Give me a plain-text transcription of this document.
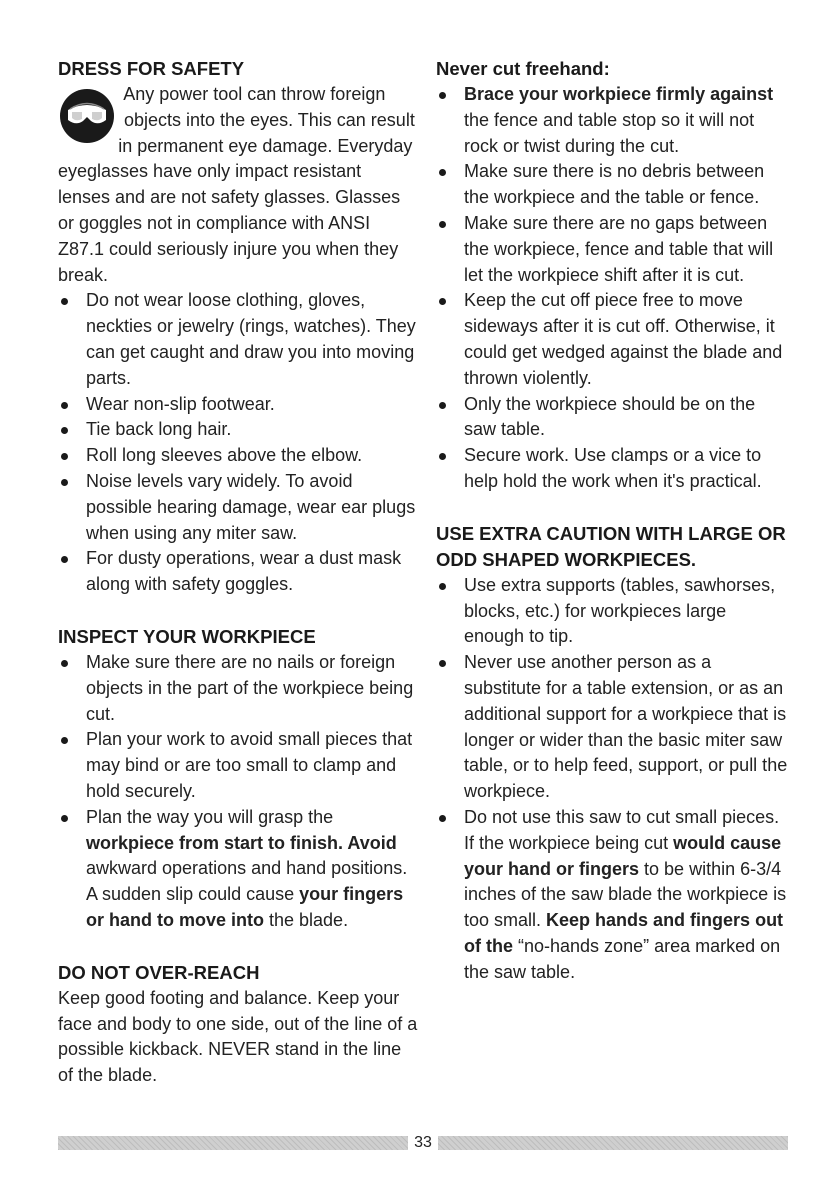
DRESS FOR SAFETY

Any power tool can throw foreign objects into the eyes. This can result in permanent eye damage. Everyday eyeglasses have only impact resistant lenses and are not safety glasses. Glasses or goggles not in compliance with ANSI Z87.1 could seriously injure you when they break.

Do not wear loose clothing, gloves, neckties or jewelry (rings, watches). They can get caught and draw you into moving parts.
Wear non-slip footwear.
Tie back long hair.
Roll long sleeves above the elbow.
Noise levels vary widely. To avoid possible hearing damage, wear ear plugs when using any miter saw.
For dusty operations, wear a dust mask along with safety goggles.
INSPECT YOUR WORKPIECE
Make sure there are no nails or foreign objects in the part of the workpiece being cut.
Plan your work to avoid small pieces that may bind or are too small to clamp and hold securely.
Plan the way you will grasp the workpiece from start to finish. Avoid awkward operations and hand positions. A sudden slip could cause your fingers or hand to move into the blade.
DO NOT OVER-REACH

Keep good footing and balance. Keep your face and body to one side, out of the line of a possible kickback. NEVER stand in the line of the blade.

Never cut freehand:
Brace your workpiece firmly against the fence and table stop so it will not rock or twist during the cut.
Make sure there is no debris between the workpiece and the table or fence.
Make sure there are no gaps between the workpiece, fence and table that will let the workpiece shift after it is cut.
Keep the cut off piece free to move sideways after it is cut off. Otherwise, it could get wedged against the blade and thrown violently.
Only the workpiece should be on the saw table.
Secure work. Use clamps or a vice to help hold the work when it's practical.
USE EXTRA CAUTION WITH LARGE OR ODD SHAPED WORKPIECES.
Use extra supports (tables, sawhorses, blocks, etc.) for workpieces large enough to tip.
Never use another person as a substitute for a table extension, or as an additional support for a workpiece that is longer or wider than the basic miter saw table, or to help feed, support, or pull the workpiece.
Do not use this saw to cut small pieces. If the workpiece being cut would cause your hand or fingers to be within 6-3/4 inches of the saw blade the workpiece is too small. Keep hands and fingers out of the “no-hands zone” area marked on the saw table.
33
